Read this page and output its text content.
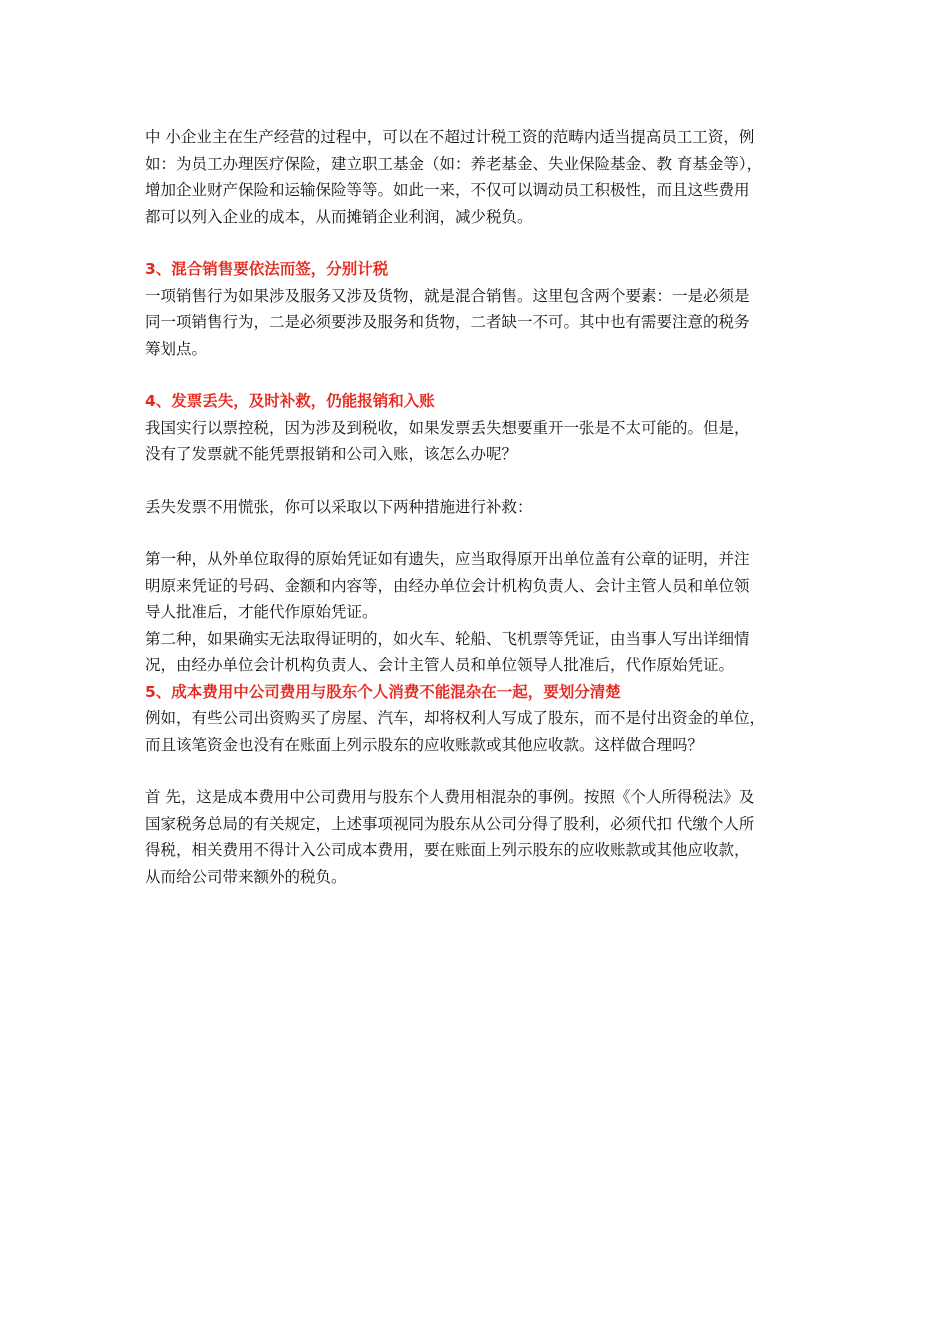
中 小企业主在生产经营的过程中，可以在不超过计税工资的范畴内适当提高员工工资，例
如：为员工办理医疗保险，建立职工基金（如：养老基金、失业保险基金、教 育基金等），
增加企业财产保险和运输保险等等。如此一来，不仅可以调动员工积极性，而且这些费用
都可以列入企业的成本，从而摊销企业利润，减少税负。

3、混合销售要依法而签，分别计税

一项销售行为如果涉及服务又涉及货物，就是混合销售。这里包含两个要素：一是必须是
同一项销售行为，二是必须要涉及服务和货物，二者缺一不可。其中也有需要注意的税务
筹划点。

4、发票丢失，及时补救，仍能报销和入账

我国实行以票控税，因为涉及到税收，如果发票丢失想要重开一张是不太可能的。但是，
没有了发票就不能凭票报销和公司入账，该怎么办呢？

丢失发票不用慌张，你可以采取以下两种措施进行补救：

第一种，从外单位取得的原始凭证如有遗失，应当取得原开出单位盖有公章的证明，并注
明原来凭证的号码、金额和内容等，由经办单位会计机构负责人、会计主管人员和单位领
导人批准后，才能代作原始凭证。

第二种，如果确实无法取得证明的，如火车、轮船、飞机票等凭证，由当事人写出详细情
况，由经办单位会计机构负责人、会计主管人员和单位领导人批准后，代作原始凭证。

5、成本费用中公司费用与股东个人消费不能混杂在一起，要划分清楚

例如，有些公司出资购买了房屋、汽车，却将权利人写成了股东，而不是付出资金的单位，
而且该笔资金也没有在账面上列示股东的应收账款或其他应收款。这样做合理吗？

首 先，这是成本费用中公司费用与股东个人费用相混杂的事例。按照《个人所得税法》及
国家税务总局的有关规定，上述事项视同为股东从公司分得了股利，必须代扣 代缴个人所
得税，相关费用不得计入公司成本费用，要在账面上列示股东的应收账款或其他应收款，
从而给公司带来额外的税负。
